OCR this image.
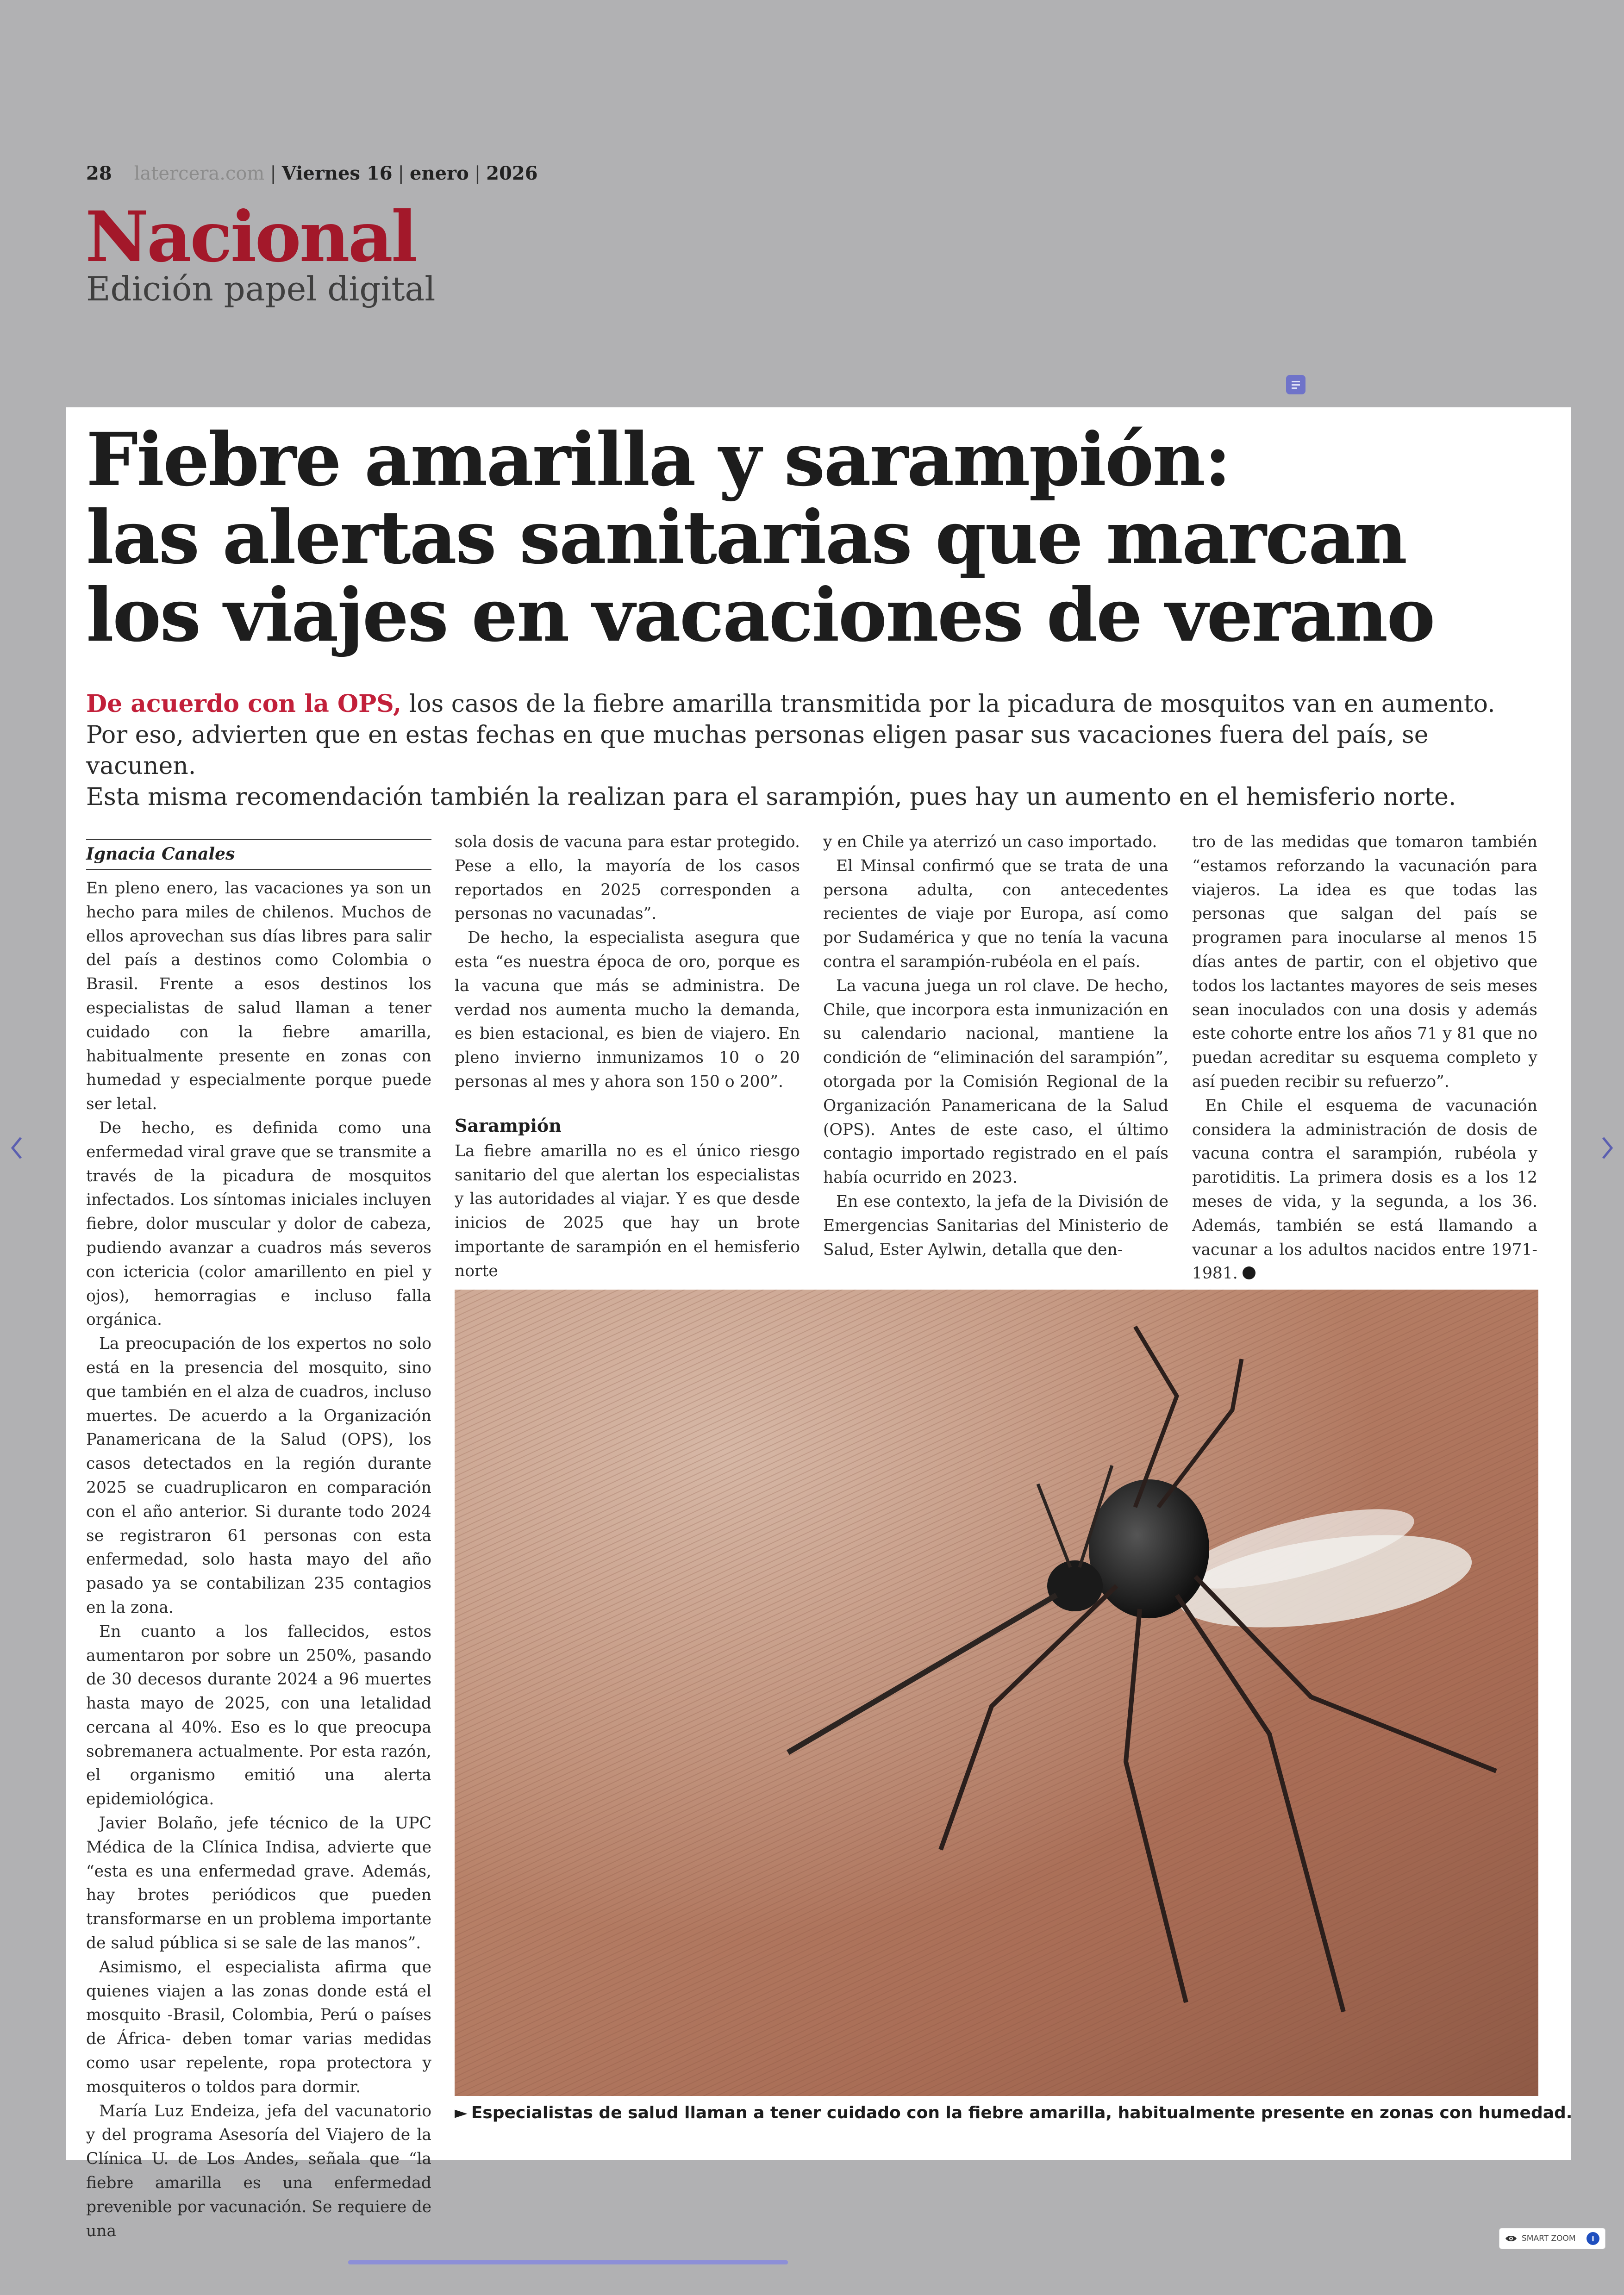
28 latercera.com | Viernes 16 | enero | 2026
Nacional
Edición papel digital
Fiebre amarilla y sarampión:
las alertas sanitarias que marcan
los viajes en vacaciones de verano
De acuerdo con la OPS, los casos de la fiebre amarilla transmitida por la picadura de mosquitos van en aumento.
Por eso, advierten que en estas fechas en que muchas personas eligen pasar sus vacaciones fuera del país, se vacunen.
Esta misma recomendación también la realizan para el sarampión, pues hay un aumento en el hemisferio norte.
Ignacia Canales

En pleno enero, las vacaciones ya son un hecho para miles de chilenos. Muchos de ellos aprovechan sus días libres para salir del país a destinos como Colombia o Brasil. Frente a esos destinos los especialistas de salud llaman a tener cuidado con la fiebre amarilla, habitualmente presente en zonas con humedad y especialmente porque puede ser letal.

De hecho, es definida como una enfermedad viral grave que se transmite a través de la picadura de mosquitos infectados. Los síntomas iniciales incluyen fiebre, dolor muscular y dolor de cabeza, pudiendo avanzar a cuadros más severos con ictericia (color amarillento en piel y ojos), hemorragias e incluso falla orgánica.

La preocupación de los expertos no solo está en la presencia del mosquito, sino que también en el alza de cuadros, incluso muertes. De acuerdo a la Organización Panamericana de la Salud (OPS), los casos detectados en la región durante 2025 se cuadruplicaron en comparación con el año anterior. Si durante todo 2024 se registraron 61 personas con esta enfermedad, solo hasta mayo del año pasado ya se contabilizan 235 contagios en la zona.

En cuanto a los fallecidos, estos aumentaron por sobre un 250%, pasando de 30 decesos durante 2024 a 96 muertes hasta mayo de 2025, con una letalidad cercana al 40%. Eso es lo que preocupa sobremanera actualmente. Por esta razón, el organismo emitió una alerta epidemiológica.

Javier Bolaño, jefe técnico de la UPC Médica de la Clínica Indisa, advierte que “esta es una enfermedad grave. Además, hay brotes periódicos que pueden transformarse en un problema importante de salud pública si se sale de las manos”.

Asimismo, el especialista afirma que quienes viajen a las zonas donde está el mosquito -Brasil, Colombia, Perú o países de África- deben tomar varias medidas como usar repelente, ropa protectora y mosquiteros o toldos para dormir.

María Luz Endeiza, jefa del vacunatorio y del programa Asesoría del Viajero de la Clínica U. de Los Andes, señala que “la fiebre amarilla es una enfermedad prevenible por vacunación. Se requiere de una

sola dosis de vacuna para estar protegido. Pese a ello, la mayoría de los casos reportados en 2025 corresponden a personas no vacunadas”.

De hecho, la especialista asegura que esta “es nuestra época de oro, porque es la vacuna que más se administra. De verdad nos aumenta mucho la demanda, es bien estacional, es bien de viajero. En pleno invierno inmunizamos 10 o 20 personas al mes y ahora son 150 o 200”.

Sarampión

La fiebre amarilla no es el único riesgo sanitario del que alertan los especialistas y las autoridades al viajar. Y es que desde inicios de 2025 que hay un brote importante de sarampión en el hemisferio norte

y en Chile ya aterrizó un caso importado.

El Minsal confirmó que se trata de una persona adulta, con antecedentes recientes de viaje por Europa, así como por Sudamérica y que no tenía la vacuna contra el sarampión-rubéola en el país.

La vacuna juega un rol clave. De hecho, Chile, que incorpora esta inmunización en su calendario nacional, mantiene la condición de “eliminación del sarampión”, otorgada por la Comisión Regional de la Organización Panamericana de la Salud (OPS). Antes de este caso, el último contagio importado registrado en el país había ocurrido en 2023.

En ese contexto, la jefa de la División de Emergencias Sanitarias del Ministerio de Salud, Ester Aylwin, detalla que den-

tro de las medidas que tomaron también “estamos reforzando la vacunación para viajeros. La idea es que todas las personas que salgan del país se programen para inocularse al menos 15 días antes de partir, con el objetivo que todos los lactantes mayores de seis meses sean inoculados con una dosis y además este cohorte entre los años 71 y 81 que no puedan acreditar su esquema completo y así pueden recibir su refuerzo”.

En Chile el esquema de vacunación considera la administración de dosis de vacuna contra el sarampión, rubéola y parotiditis. La primera dosis es a los 12 meses de vida, y la segunda, a los 36. Además, también se está llamando a vacunar a los adultos nacidos entre 1971-1981.

► Especialistas de salud llaman a tener cuidado con la fiebre amarilla, habitualmente presente en zonas con humedad.
SMART ZOOM	i
